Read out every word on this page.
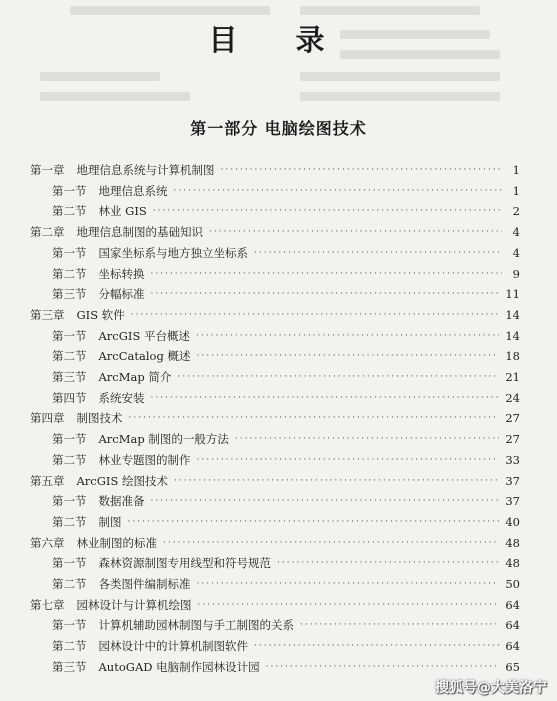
目 录
第一部分 电脑绘图技术
第一章 地理信息系统与计算机制图 ·····	1
第一节 地理信息系统 ·····	1
第二节 林业 GIS ·····	2
第二章 地理信息制图的基础知识 ·····	4
第一节 国家坐标系与地方独立坐标系 ·····	4
第二节 坐标转换 ·····	9
第三节 分幅标准 ·····	11
第三章 GIS 软件 ·····	14
第一节 ArcGIS 平台概述 ·····	14
第二节 ArcCatalog 概述 ·····	18
第三节 ArcMap 简介 ·····	21
第四节 系统安装 ·····	24
第四章 制图技术 ·····	27
第一节 ArcMap 制图的一般方法 ·····	27
第二节 林业专题图的制作 ·····	33
第五章 ArcGIS 绘图技术 ·····	37
第一节 数据准备 ·····	37
第二节 制图 ·····	40
第六章 林业制图的标准 ·····	48
第一节 森林资源制图专用线型和符号规范 ·····	48
第二节 各类图件编制标准 ·····	50
第七章 园林设计与计算机绘图 ·····	64
第一节 计算机辅助园林制图与手工制图的关系 ·····	64
第二节 园林设计中的计算机制图软件 ·····	64
第三节 AutoGAD 电脑制作园林设计园 ·····	65
搜狐号@大美洛宁
